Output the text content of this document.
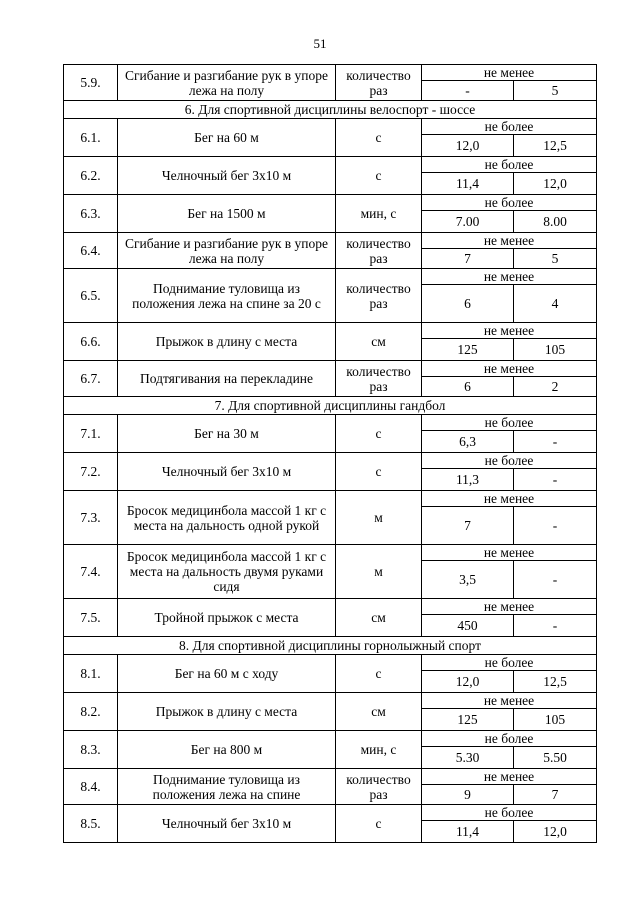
51
5.9.	Сгибание и разгибание рук в упоре лежа на полу	количество раз	не менее	
			-	5
6. Для спортивной дисциплины велоспорт - шоссе				
6.1.	Бег на 60 м	с	не более	
			12,0	12,5
6.2.	Челночный бег 3x10 м	с	не более	
			11,4	12,0
6.3.	Бег на 1500 м	мин, с	не более	
			7.00	8.00
6.4.	Сгибание и разгибание рук в упоре лежа на полу	количество раз	не менее	
			7	5
6.5.	Поднимание туловища из положения лежа на спине за 20 с	количество раз	не менее	
			6	4
6.6.	Прыжок в длину с места	см	не менее	
			125	105
6.7.	Подтягивания на перекладине	количество раз	не менее	
			6	2
7. Для спортивной дисциплины гандбол				
7.1.	Бег на 30 м	с	не более	
			6,3	-
7.2.	Челночный бег 3x10 м	с	не более	
			11,3	-
7.3.	Бросок медицинбола массой 1 кг с места на дальность одной рукой	м	не менее	
			7	-
7.4.	Бросок медицинбола массой 1 кг с места на дальность двумя руками сидя	м	не менее	
			3,5	-
7.5.	Тройной прыжок с места	см	не менее	
			450	-
8. Для спортивной дисциплины горнолыжный спорт				
8.1.	Бег на 60 м с ходу	с	не более	
			12,0	12,5
8.2.	Прыжок в длину с места	см	не менее	
			125	105
8.3.	Бег на 800 м	мин, с	не более	
			5.30	5.50
8.4.	Поднимание туловища из положения лежа на спине	количество раз	не менее	
			9	7
8.5.	Челночный бег 3x10 м	с	не более	
			11,4	12,0
